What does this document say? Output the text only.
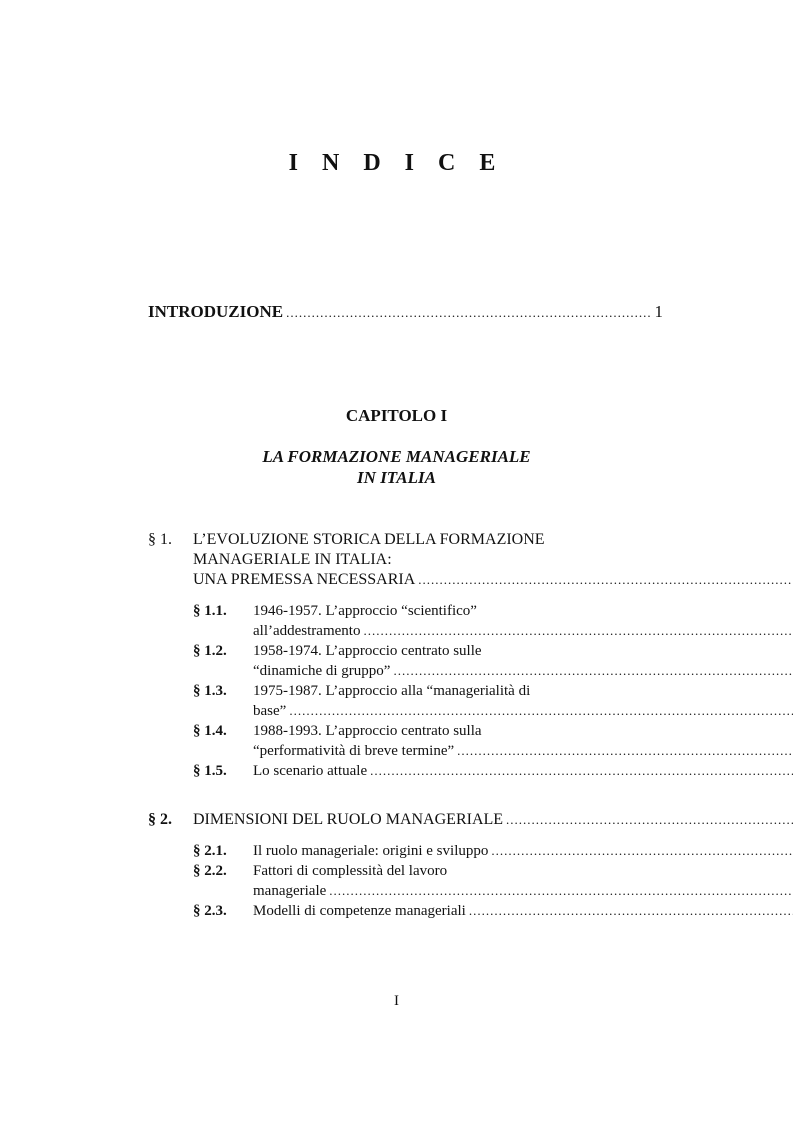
I N D I C E
INTRODUZIONE
.....	1
CAPITOLO I
LA FORMAZIONE MANAGERIALE
IN ITALIA
§ 1.	L’EVOLUZIONE STORICA DELLA FORMAZIONE
MANAGERIALE IN ITALIA:
UNA PREMESSA NECESSARIA
.....
§ 1.1.	1946-1957. L’approccio “scientifico”
all’addestramento
.....
§ 1.2.	1958-1974. L’approccio centrato sulle
“dinamiche di gruppo”
.....
§ 1.3.	1975-1987. L’approccio alla “managerialità di
base”
.....
§ 1.4.	1988-1993. L’approccio centrato sulla
“performatività di breve termine”
.....
§ 1.5.	Lo scenario attuale
.....
§ 2.	DIMENSIONI DEL RUOLO MANAGERIALE
.....
§ 2.1.	Il ruolo manageriale: origini e sviluppo
.....
§ 2.2.	Fattori di complessità del lavoro
manageriale
.....
§ 2.3.	Modelli di competenze manageriali
.....
I
